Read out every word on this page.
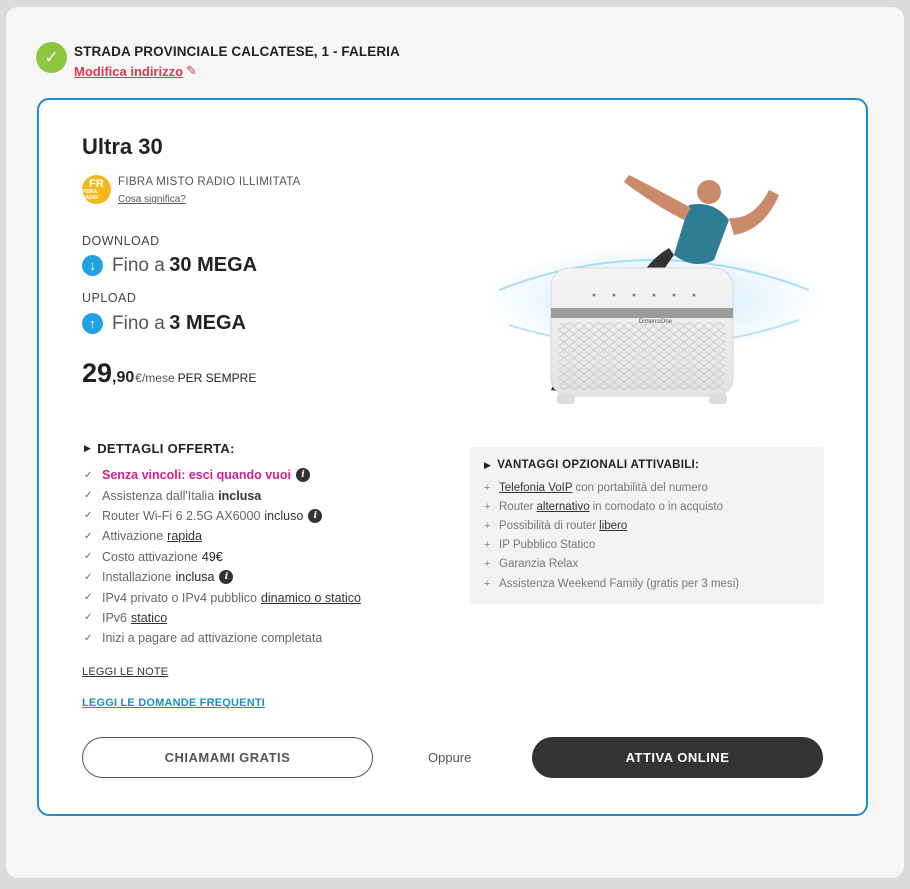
✓	STRADA PROVINCIALE CALCATESE, 1 - FALERIA
Modifica indirizzo ✎
Ultra 30
FR
FIBRA RADIO
FIBRA MISTO RADIO ILLIMITATA
Cosa significa?
DOWNLOAD
↓ Fino a 30 MEGA
UPLOAD
↑ Fino a 3 MEGA
29 ,90 €/mese PER SEMPRE
DimensiOne
▶ DETTAGLI OFFERTA:
✓ Senza vincoli: esci quando vuoi	i
✓ Assistenza dall'Italia inclusa
✓ Router Wi-Fi 6 2.5G AX6000 incluso	i
✓ Attivazione rapida
✓ Costo attivazione 49€
✓ Installazione inclusa	i
✓ IPv4 privato o IPv4 pubblico dinamico o statico
✓ IPv6 statico
✓ Inizi a pagare ad attivazione completata
▶ VANTAGGI OPZIONALI ATTIVABILI:
+ Telefonia VoIP con portabilità del numero
+ Router alternativo in comodato o in acquisto
+ Possibilità di router libero
+ IP Pubblico Statico
+ Garanzia Relax
+ Assistenza Weekend Family (gratis per 3 mesi)
LEGGI LE NOTE
LEGGI LE DOMANDE FREQUENTI
CHIAMAMI GRATIS	Oppure	ATTIVA ONLINE
